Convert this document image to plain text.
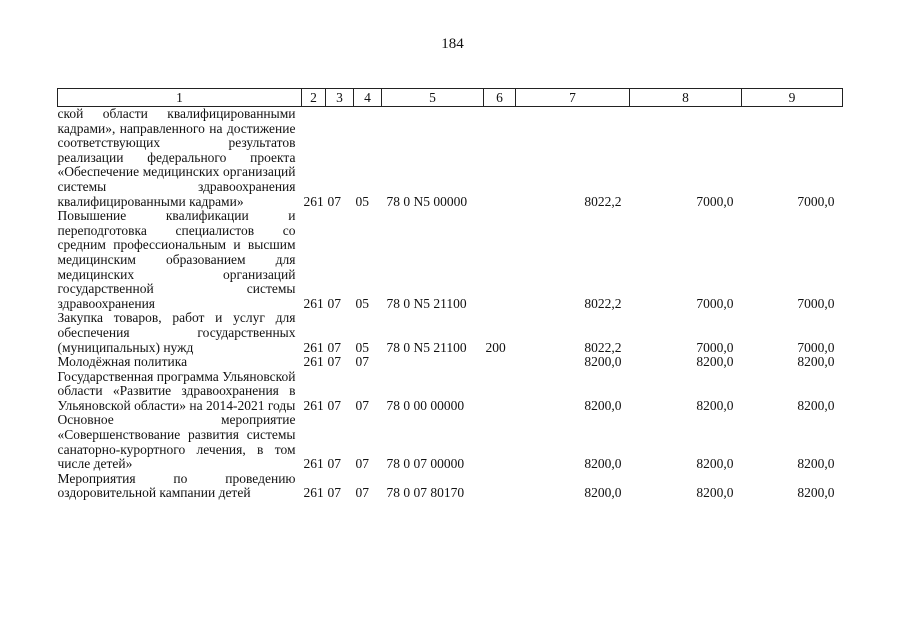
184
1	2	3	4	5	6	7	8	9
ской области квалифицированными кадрами», направленного на достижение соответствующих результатов реализации федерального проекта «Обеспечение медицинских организаций системы здравоохранения квалифицированными кадрами»	261	07	05	78 0 N5 00000		8022,2	7000,0	7000,0
Повышение квалификации и переподготовка специалистов со средним профессиональным и высшим медицинским образованием для медицинских организаций государственной системы здравоохранения	261	07	05	78 0 N5 21100		8022,2	7000,0	7000,0
Закупка товаров, работ и услуг для обеспечения государственных (муниципальных) нужд	261	07	05	78 0 N5 21100	200	8022,2	7000,0	7000,0
Молодёжная политика	261	07	07			8200,0	8200,0	8200,0
Государственная программа Ульяновской области «Развитие здравоохранения в Ульяновской области» на 2014-2021 годы	261	07	07	78 0 00 00000		8200,0	8200,0	8200,0
Основное мероприятие «Совершенствование развития системы санаторно-курортного лечения, в том числе детей»	261	07	07	78 0 07 00000		8200,0	8200,0	8200,0
Мероприятия по проведению оздоровительной кампании детей	261	07	07	78 0 07 80170		8200,0	8200,0	8200,0
